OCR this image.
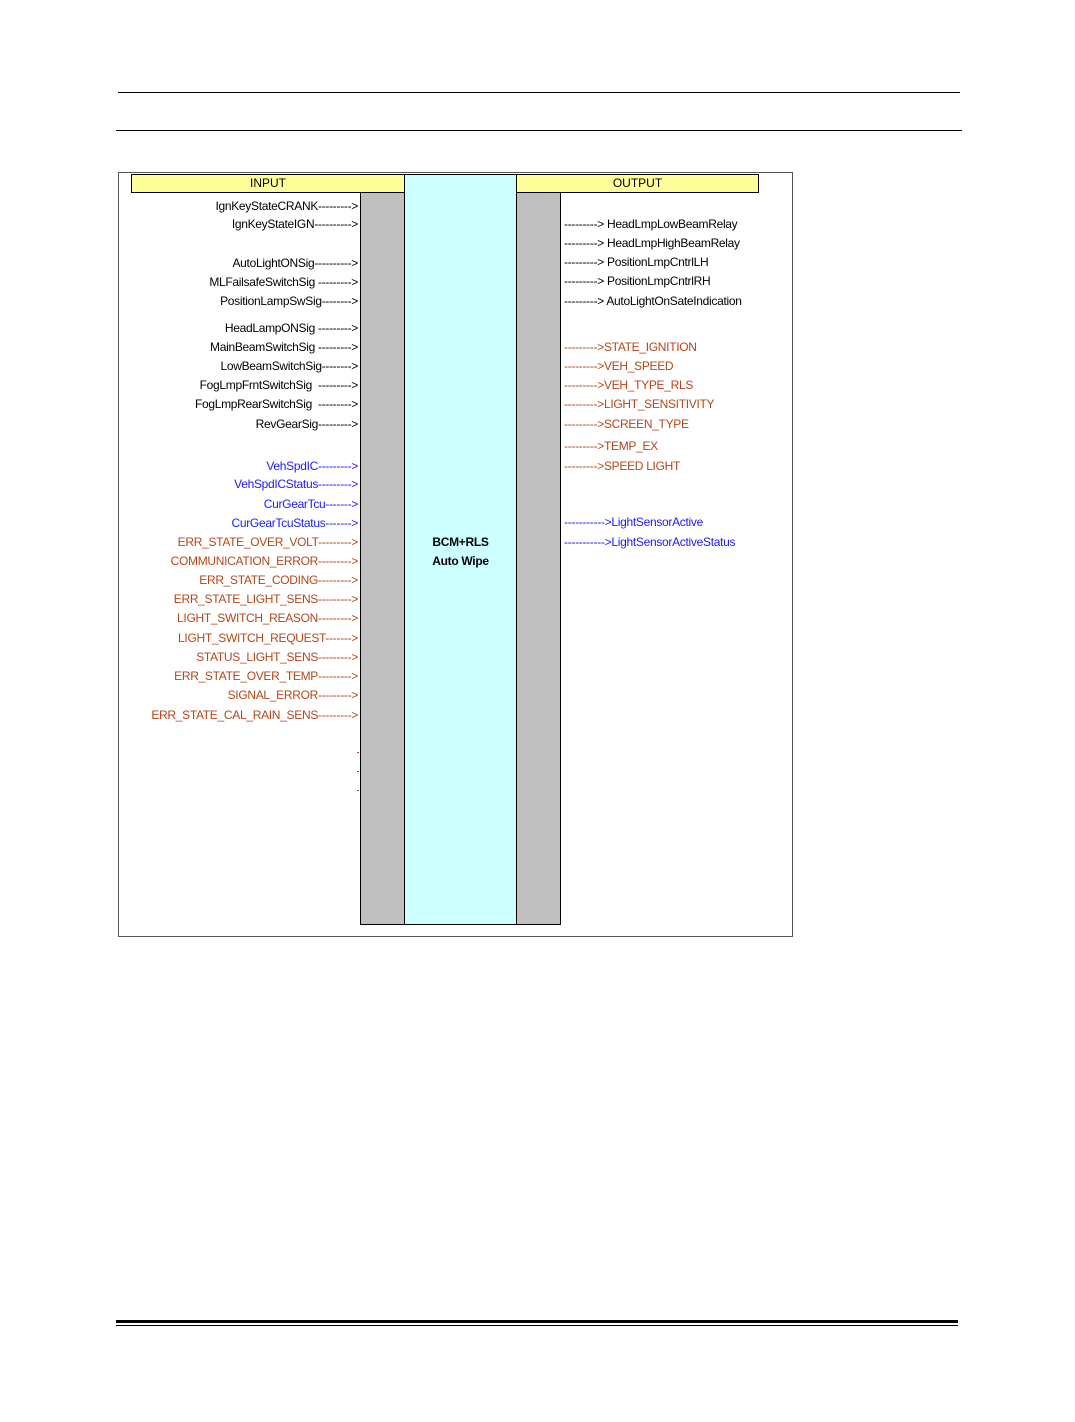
INPUT	OUTPUT
BCM+RLS
Auto Wipe
IgnKeyStateCRANK--------->
IgnKeyStateIGN---------->
AutoLightONSig---------->
MLFailsafeSwitchSig --------->
PositionLampSwSig-------->
HeadLampONSig --------->
MainBeamSwitchSig --------->
LowBeamSwitchSig-------->
FogLmpFrntSwitchSig  --------->
FogLmpRearSwitchSig  --------->
RevGearSig--------->
VehSpdIC--------->
VehSpdICStatus--------->
CurGearTcu------->
CurGearTcuStatus------->
ERR_STATE_OVER_VOLT--------->
COMMUNICATION_ERROR--------->
ERR_STATE_CODING--------->
ERR_STATE_LIGHT_SENS--------->
LIGHT_SWITCH_REASON--------->
LIGHT_SWITCH_REQUEST------->
STATUS_LIGHT_SENS--------->
ERR_STATE_OVER_TEMP--------->
SIGNAL_ERROR--------->
ERR_STATE_CAL_RAIN_SENS--------->
---------> HeadLmpLowBeamRelay
---------> HeadLmpHighBeamRelay
---------> PositionLmpCntrlLH
---------> PositionLmpCntrlRH
---------> AutoLightOnSateIndication
--------->STATE_IGNITION
--------->VEH_SPEED
--------->VEH_TYPE_RLS
--------->LIGHT_SENSITIVITY
--------->SCREEN_TYPE
--------->TEMP_EX
--------->SPEED LIGHT
----------->LightSensorActive
----------->LightSensorActiveStatus
